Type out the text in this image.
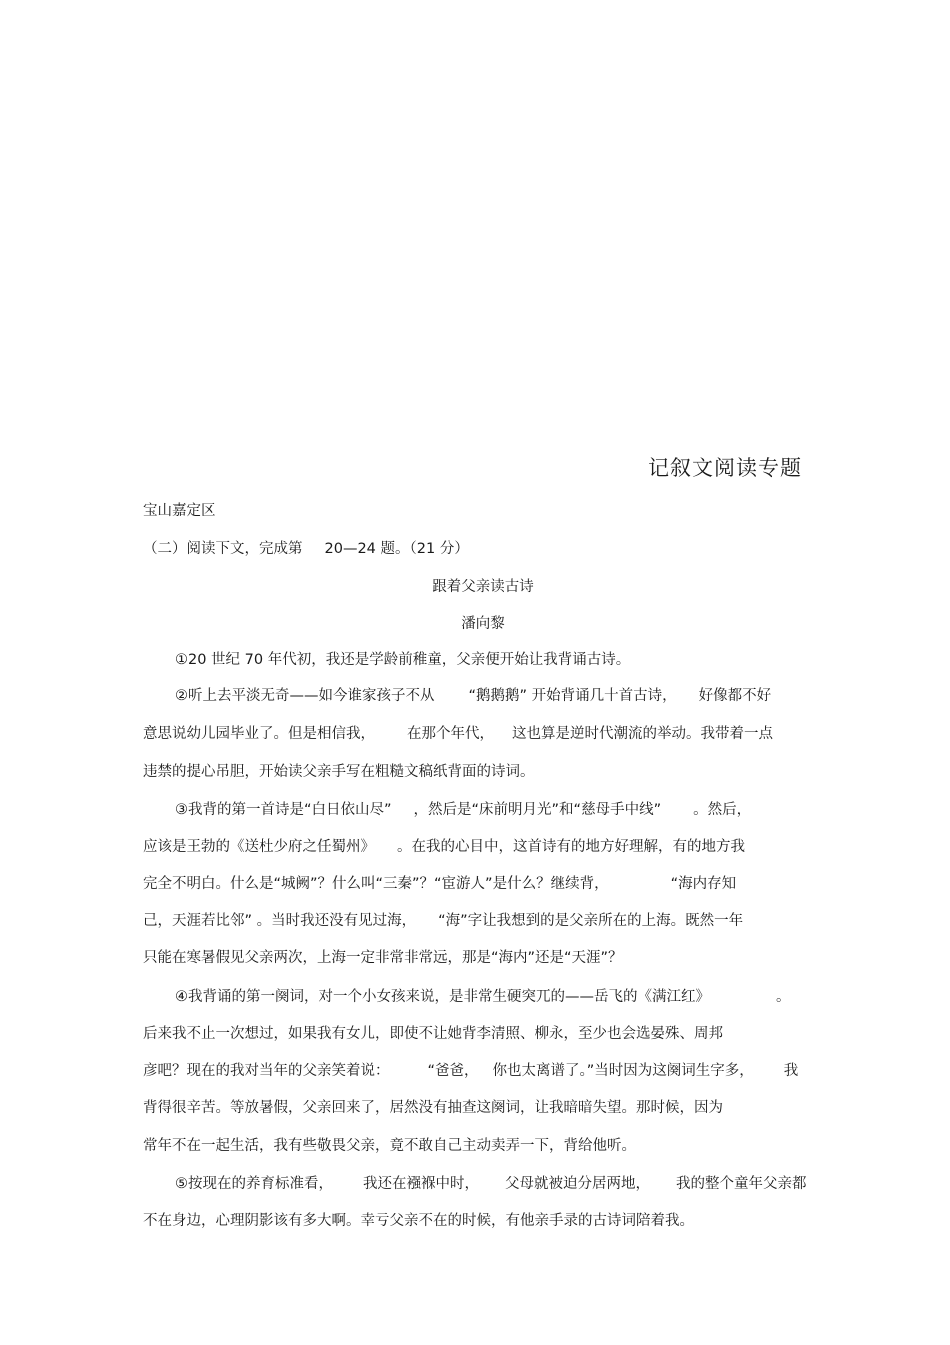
记叙文阅读专题
宝山嘉定区
（二）阅读下文，完成第 20—24 题。（21 分）
跟着父亲读古诗
潘向黎
①20 世纪 70 年代初，我还是学龄前稚童，父亲便开始让我背诵古诗。
②听上去平淡无奇——如今谁家孩子不从 “鹅鹅鹅” 开始背诵几十首古诗， 好像都不好
意思说幼儿园毕业了。但是相信我， 在那个年代， 这也算是逆时代潮流的举动。我带着一点
违禁的提心吊胆，开始读父亲手写在粗糙文稿纸背面的诗词。
③我背的第一首诗是“白日依山尽” ，然后是“床前明月光”和“慈母手中线” 。然后，
应该是王勃的《送杜少府之任蜀州》 。在我的心目中，这首诗有的地方好理解，有的地方我
完全不明白。什么是“城阙”？什么叫“三秦”？“宦游人”是什么？继续背，	“海内存知
己，天涯若比邻” 。当时我还没有见过海， “海”字让我想到的是父亲所在的上海。既然一年
只能在寒暑假见父亲两次，上海一定非常非常远，那是“海内”还是“天涯”？
④我背诵的第一阕词，对一个小女孩来说，是非常生硬突兀的——岳飞的《满江红》	。
后来我不止一次想过，如果我有女儿，即使不让她背李清照、柳永，至少也会选晏殊、周邦
彦吧？现在的我对当年的父亲笑着说：	“爸爸， 你也太离谱了。”当时因为这阕词生字多， 我
背得很辛苦。等放暑假，父亲回来了，居然没有抽查这阕词，让我暗暗失望。那时候，因为
常年不在一起生活，我有些敬畏父亲，竟不敢自己主动卖弄一下，背给他听。
⑤按现在的养育标准看， 我还在襁褓中时， 父母就被迫分居两地， 我的整个童年父亲都
不在身边，心理阴影该有多大啊。幸亏父亲不在的时候，有他亲手录的古诗词陪着我。
